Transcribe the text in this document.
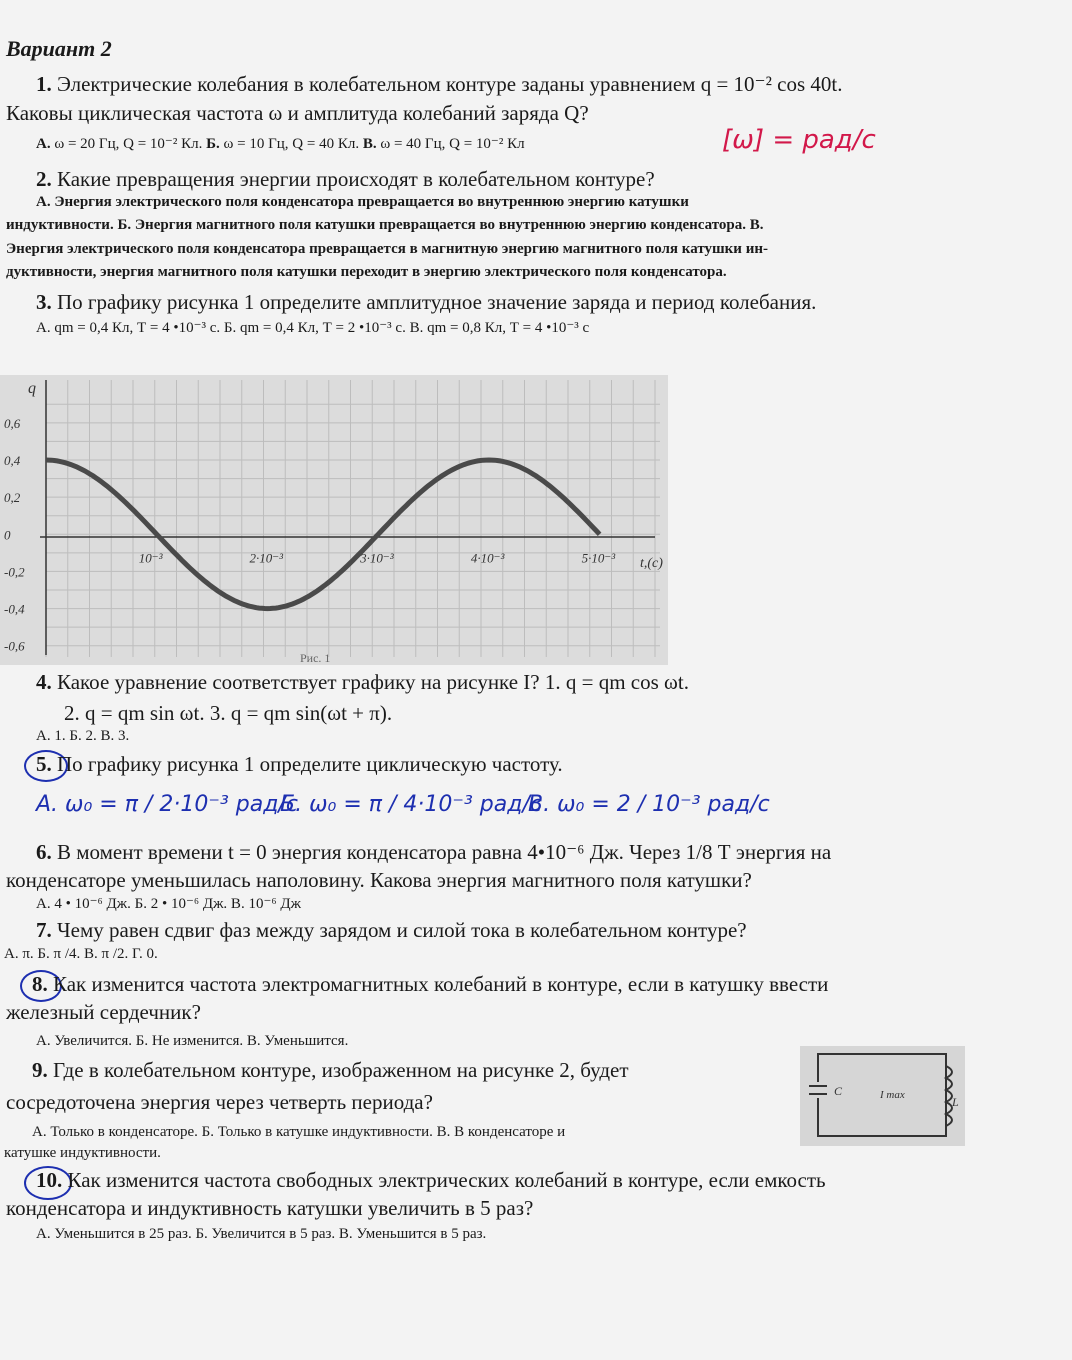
Вариант 2
1. Электрические колебания в колебательном контуре заданы уравнением q = 10⁻² cos 40t.
Каковы циклическая частота ω и амплитуда колебаний заряда Q?
А. ω = 20 Гц, Q = 10⁻² Кл. Б. ω = 10 Гц, Q = 40 Кл. В. ω = 40 Гц, Q = 10⁻² Кл	[ω] = рад/с
2. Какие превращения энергии происходят в колебательном контуре?
А. Энергия электрического поля конденсатора превращается во внутреннюю энергию катушки
индуктивности. Б. Энергия магнитного поля катушки превращается во внутреннюю энергию конденсатора. В.
Энергия электрического поля конденсатора превращается в магнитную энергию магнитного поля катушки ин-
дуктивности, энергия магнитного поля катушки переходит в энергию электрического поля конденсатора.
3. По графику рисунка 1 определите амплитудное значение заряда и период колебания.
А. qm = 0,4 Кл, Т = 4 •10⁻³ с. Б. qm = 0,4 Кл, Т = 2 •10⁻³ с. В. qm = 0,8 Кл, Т = 4 •10⁻³ с
0,6
0,4
0,2
0
-0,2
-0,4
-0,6
10⁻³	2·10⁻³	3·10⁻³	4·10⁻³	5·10⁻³
q
t,(c)
Рис. 1
4. Какое уравнение соответствует графику на рисунке I? 1. q = qm cos ωt.
2. q = qm sin ωt. 3. q = qm sin(ωt + π).
А. 1. Б. 2. В. 3.
5. По графику рисунка 1 определите циклическую частоту.
А. ω₀ = π / 2·10⁻³ рад/с
Б. ω₀ = π / 4·10⁻³ рад/с
В. ω₀ = 2 / 10⁻³ рад/с
6. В момент времени t = 0 энергия конденсатора равна 4•10⁻⁶ Дж. Через 1/8 Т энергия на
конденсаторе уменьшилась наполовину. Какова энергия магнитного поля катушки?
А. 4 • 10⁻⁶ Дж. Б. 2 • 10⁻⁶ Дж. В. 10⁻⁶ Дж
7. Чему равен сдвиг фаз между зарядом и силой тока в колебательном контуре?
А. π. Б. π /4. В. π /2. Г. 0.
8. Как изменится частота электромагнитных колебаний в контуре, если в катушку ввести
железный сердечник?
А. Увеличится. Б. Не изменится. В. Уменьшится.
9. Где в колебательном контуре, изображенном на рисунке 2, будет
сосредоточена энергия через четверть периода?
А. Только в конденсаторе. Б. Только в катушке индуктивности. В. В конденсаторе и
катушке индуктивности.
C	I max	L
10. Как изменится частота свободных электрических колебаний в контуре, если емкость
конденсатора и индуктивность катушки увеличить в 5 раз?
А. Уменьшится в 25 раз. Б. Увеличится в 5 раз. В. Уменьшится в 5 раз.
